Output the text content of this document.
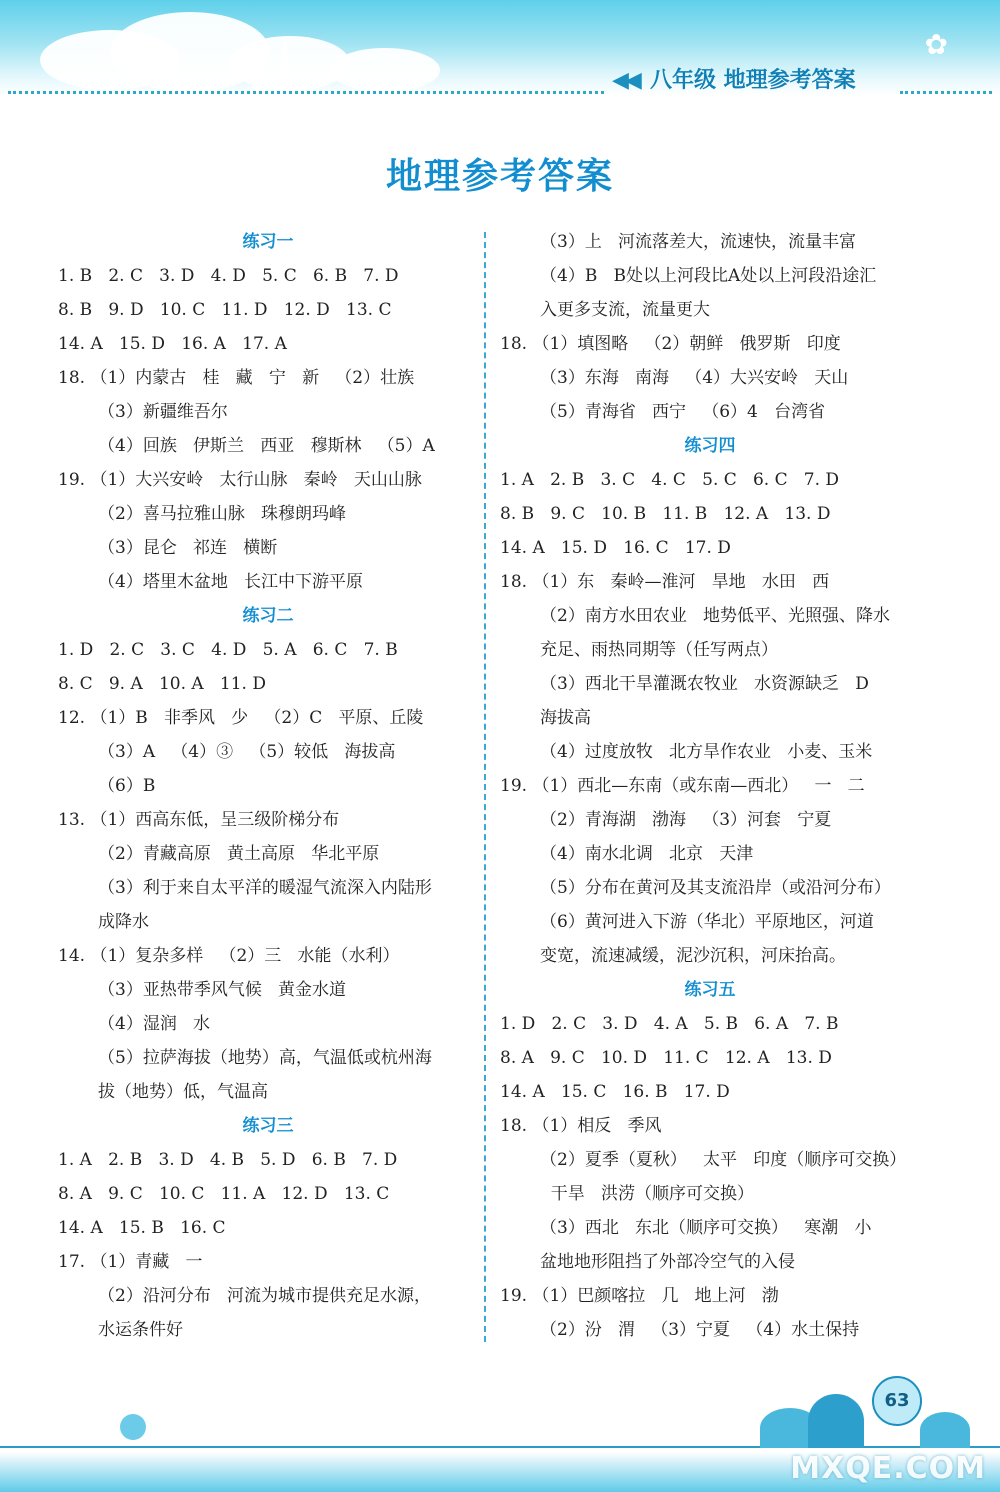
✿
◀◀ 八年级 地理参考答案
地理参考答案
练习一
1. B   2. C   3. D   4. D   5. C   6. B   7. D
8. B   9. D   10. C   11. D   12. D   13. C
14. A   15. D   16. A   17. A
18. （1）内蒙古   桂   藏   宁   新   （2）壮族
（3）新疆维吾尔
（4）回族   伊斯兰   西亚   穆斯林   （5）A
19. （1）大兴安岭   太行山脉   秦岭   天山山脉
（2）喜马拉雅山脉   珠穆朗玛峰
（3）昆仑   祁连   横断
（4）塔里木盆地   长江中下游平原
练习二
1. D   2. C   3. C   4. D   5. A   6. C   7. B
8. C   9. A   10. A   11. D
12. （1）B   非季风   少   （2）C   平原、丘陵
（3）A   （4）③   （5）较低   海拔高
（6）B
13. （1）西高东低，呈三级阶梯分布
（2）青藏高原   黄土高原   华北平原
（3）利于来自太平洋的暖湿气流深入内陆形
成降水
14. （1）复杂多样   （2）三   水能（水利）
（3）亚热带季风气候   黄金水道
（4）湿润   水
（5）拉萨海拔（地势）高，气温低或杭州海
拔（地势）低，气温高
练习三
1. A   2. B   3. D   4. B   5. D   6. B   7. D
8. A   9. C   10. C   11. A   12. D   13. C
14. A   15. B   16. C
17. （1）青藏   一
（2）沿河分布   河流为城市提供充足水源，
水运条件好
（3）上   河流落差大，流速快，流量丰富
（4）B   B处以上河段比A处以上河段沿途汇
入更多支流，流量更大
18. （1）填图略   （2）朝鲜   俄罗斯   印度
（3）东海   南海   （4）大兴安岭   天山
（5）青海省   西宁   （6）4   台湾省
练习四
1. A   2. B   3. C   4. C   5. C   6. C   7. D
8. B   9. C   10. B   11. B   12. A   13. D
14. A   15. D   16. C   17. D
18. （1）东   秦岭—淮河   旱地   水田   西
（2）南方水田农业   地势低平、光照强、降水
充足、雨热同期等（任写两点）
（3）西北干旱灌溉农牧业   水资源缺乏   D
海拔高
（4）过度放牧   北方旱作农业   小麦、玉米
19. （1）西北—东南（或东南—西北）   一   二
（2）青海湖   渤海   （3）河套   宁夏
（4）南水北调   北京   天津
（5）分布在黄河及其支流沿岸（或沿河分布）
（6）黄河进入下游（华北）平原地区，河道
变宽，流速减缓，泥沙沉积，河床抬高。
练习五
1. D   2. C   3. D   4. A   5. B   6. A   7. B
8. A   9. C   10. D   11. C   12. A   13. D
14. A   15. C   16. B   17. D
18. （1）相反   季风
（2）夏季（夏秋）   太平   印度（顺序可交换）
干旱   洪涝（顺序可交换）
（3）西北   东北（顺序可交换）   寒潮   小
盆地地形阻挡了外部冷空气的入侵
19. （1）巴颜喀拉   几   地上河   渤
（2）汾   渭   （3）宁夏   （4）水土保持
63
MXQE.COM
